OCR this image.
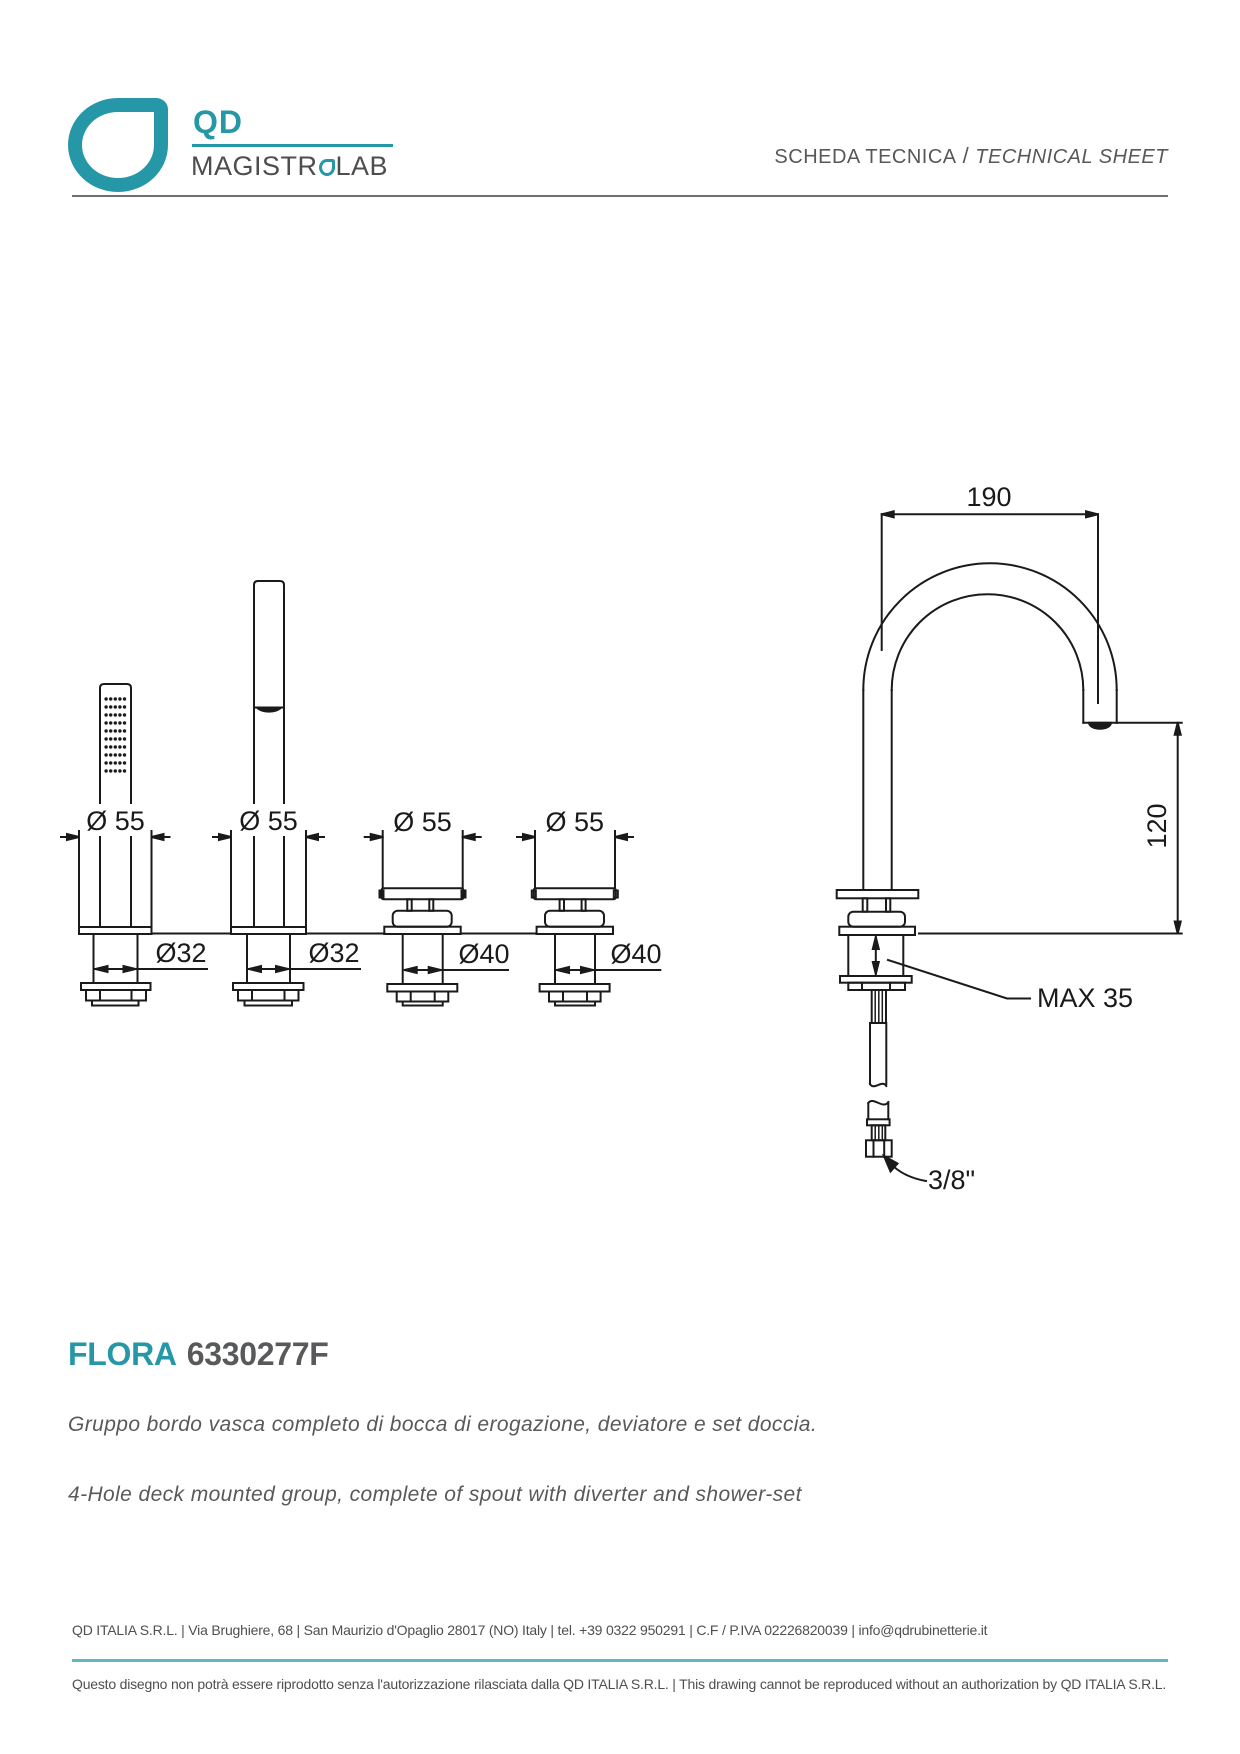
QD
MAGISTR LAB	SCHEDA TECNICA / TECHNICAL SHEET
Ø 55
Ø32
Ø 55
Ø32
Ø 55
Ø40
Ø 55
Ø40
190
120
MAX 35
3/8"
FLORA 6330277F
Gruppo bordo vasca completo di bocca di erogazione, deviatore e set doccia.
4-Hole deck mounted group, complete of spout with diverter and shower-set
QD ITALIA S.R.L. | Via Brughiere, 68 | San Maurizio d'Opaglio 28017 (NO) Italy | tel. +39 0322 950291 | C.F / P.IVA 02226820039 | info@qdrubinetterie.it
Questo disegno non potrà essere riprodotto senza l'autorizzazione rilasciata dalla QD ITALIA S.R.L. | This drawing cannot be reproduced without an authorization by QD ITALIA S.R.L.
